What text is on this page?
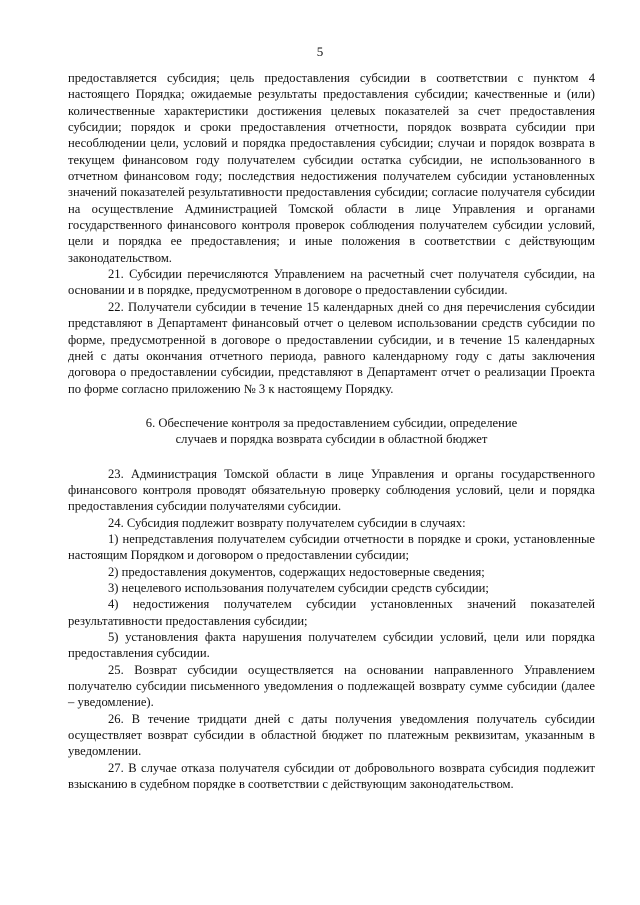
5

предоставляется субсидия; цель предоставления субсидии в соответствии с пунктом 4 настоящего Порядка; ожидаемые результаты предоставления субсидии; качественные и (или) количественные характеристики достижения целевых показателей за счет предоставления субсидии; порядок и сроки предоставления отчетности, порядок возврата субсидии при несоблюдении цели, условий и порядка предоставления субсидии; случаи и порядок возврата в текущем финансовом году получателем субсидии остатка субсидии, не использованного в отчетном финансовом году; последствия недостижения получателем субсидии установленных значений показателей результативности предоставления субсидии; согласие получателя субсидии на осуществление Администрацией Томской области в лице Управления и органами государственного финансового контроля проверок соблюдения получателем субсидии условий, цели и порядка ее предоставления; и иные положения в соответствии с действующим законодательством.

21. Субсидии перечисляются Управлением на расчетный счет получателя субсидии, на основании и в порядке, предусмотренном в договоре о предоставлении субсидии.

22. Получатели субсидии в течение 15 календарных дней со дня перечисления субсидии представляют в Департамент финансовый отчет о целевом использовании средств субсидии по форме, предусмотренной в договоре о предоставлении субсидии, и в течение 15 календарных дней с даты окончания отчетного периода, равного календарному году с даты заключения договора о предоставлении субсидии, представляют в Департамент отчет о реализации Проекта по форме согласно приложению № 3 к настоящему Порядку.

6. Обеспечение контроля за предоставлением субсидии, определение
случаев и порядка возврата субсидии в областной бюджет

23. Администрация Томской области в лице Управления и органы государственного финансового контроля проводят обязательную проверку соблюдения условий, цели и порядка предоставления субсидии получателями субсидии.

24. Субсидия подлежит возврату получателем субсидии в случаях:

1) непредставления получателем субсидии отчетности в порядке и сроки, установленные настоящим Порядком и договором о предоставлении субсидии;

2) предоставления документов, содержащих недостоверные сведения;

3) нецелевого использования получателем субсидии средств субсидии;

4) недостижения получателем субсидии установленных значений показателей результативности предоставления субсидии;

5) установления факта нарушения получателем субсидии условий, цели или порядка предоставления субсидии.

25. Возврат субсидии осуществляется на основании направленного Управлением получателю субсидии письменного уведомления о подлежащей возврату сумме субсидии (далее – уведомление).

26. В течение тридцати дней с даты получения уведомления получатель субсидии осуществляет возврат субсидии в областной бюджет по платежным реквизитам, указанным в уведомлении.

27. В случае отказа получателя субсидии от добровольного возврата субсидия подлежит взысканию в судебном порядке в соответствии с действующим законодательством.
